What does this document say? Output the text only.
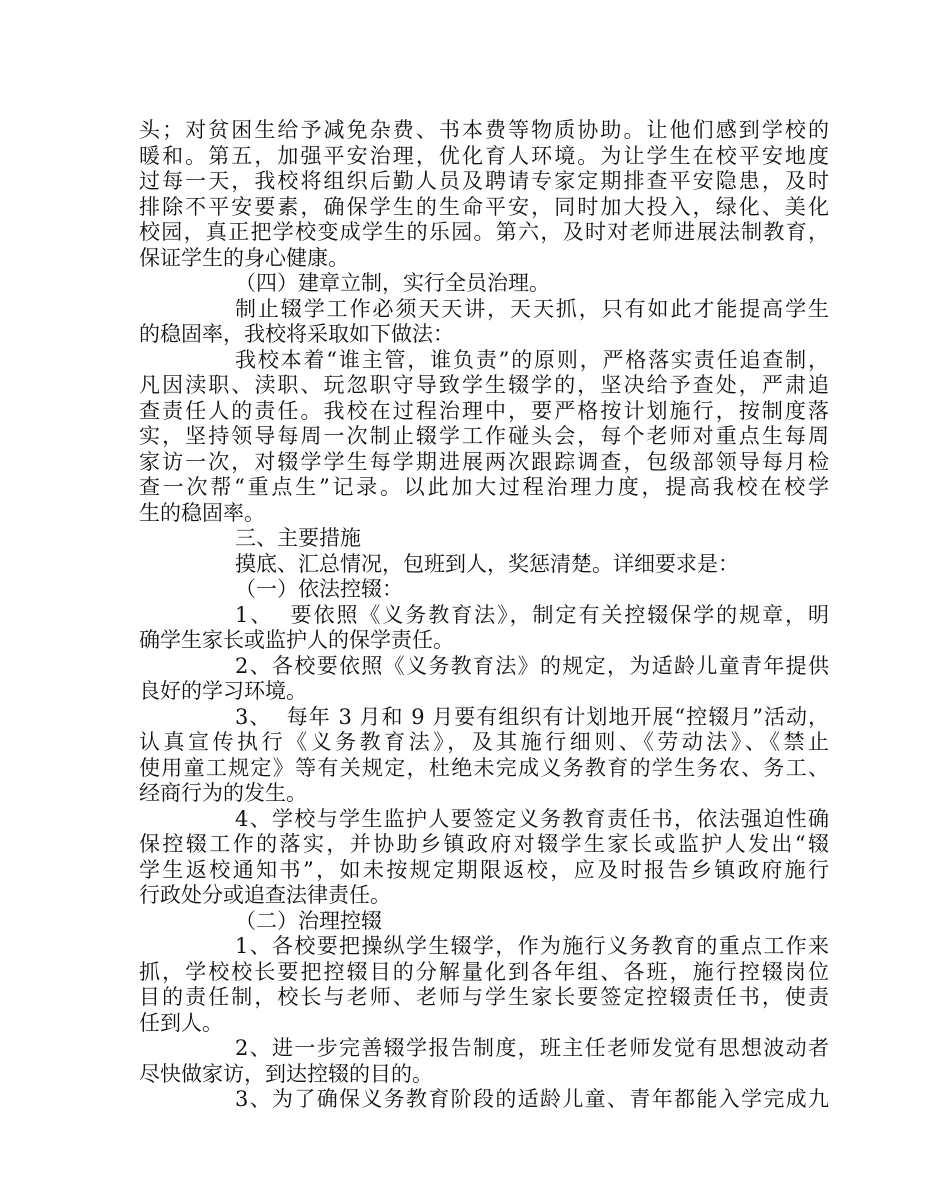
头；对贫困生给予减免杂费、书本费等物质协助。让他们感到学校的
暖和。第五，加强平安治理，优化育人环境。为让学生在校平安地度
过每一天，我校将组织后勤人员及聘请专家定期排查平安隐患，及时
排除不平安要素，确保学生的生命平安，同时加大投入，绿化、美化
校园，真正把学校变成学生的乐园。第六，及时对老师进展法制教育，
保证学生的身心健康。
（四）建章立制，实行全员治理。
制止辍学工作必须天天讲，天天抓，只有如此才能提高学生
的稳固率，我校将采取如下做法：
我校本着“谁主管，谁负责”的原则，严格落实责任追查制，
凡因渎职、渎职、玩忽职守导致学生辍学的，坚决给予查处，严肃追
查责任人的责任。我校在过程治理中，要严格按计划施行，按制度落
实，坚持领导每周一次制止辍学工作碰头会，每个老师对重点生每周
家访一次，对辍学学生每学期进展两次跟踪调查，包级部领导每月检
查一次帮“重点生”记录。以此加大过程治理力度，提高我校在校学
生的稳固率。
三、主要措施
摸底、汇总情况，包班到人，奖惩清楚。详细要求是：
（一）依法控辍：
1、  要依照《义务教育法》，制定有关控辍保学的规章，明
确学生家长或监护人的保学责任。
2、各校要依照《义务教育法》的规定，为适龄儿童青年提供
良好的学习环境。
3、  每年 3 月和 9 月要有组织有计划地开展“控辍月”活动，
认真宣传执行《义务教育法》，及其施行细则、《劳动法》、《禁止
使用童工规定》等有关规定，杜绝未完成义务教育的学生务农、务工、
经商行为的发生。
4、学校与学生监护人要签定义务教育责任书，依法强迫性确
保控辍工作的落实，并协助乡镇政府对辍学生家长或监护人发出“辍
学生返校通知书”，如未按规定期限返校，应及时报告乡镇政府施行
行政处分或追查法律责任。
（二）治理控辍
1、各校要把操纵学生辍学，作为施行义务教育的重点工作来
抓，学校校长要把控辍目的分解量化到各年组、各班，施行控辍岗位
目的责任制，校长与老师、老师与学生家长要签定控辍责任书，使责
任到人。
2、进一步完善辍学报告制度，班主任老师发觉有思想波动者
尽快做家访，到达控辍的目的。
3、为了确保义务教育阶段的适龄儿童、青年都能入学完成九
